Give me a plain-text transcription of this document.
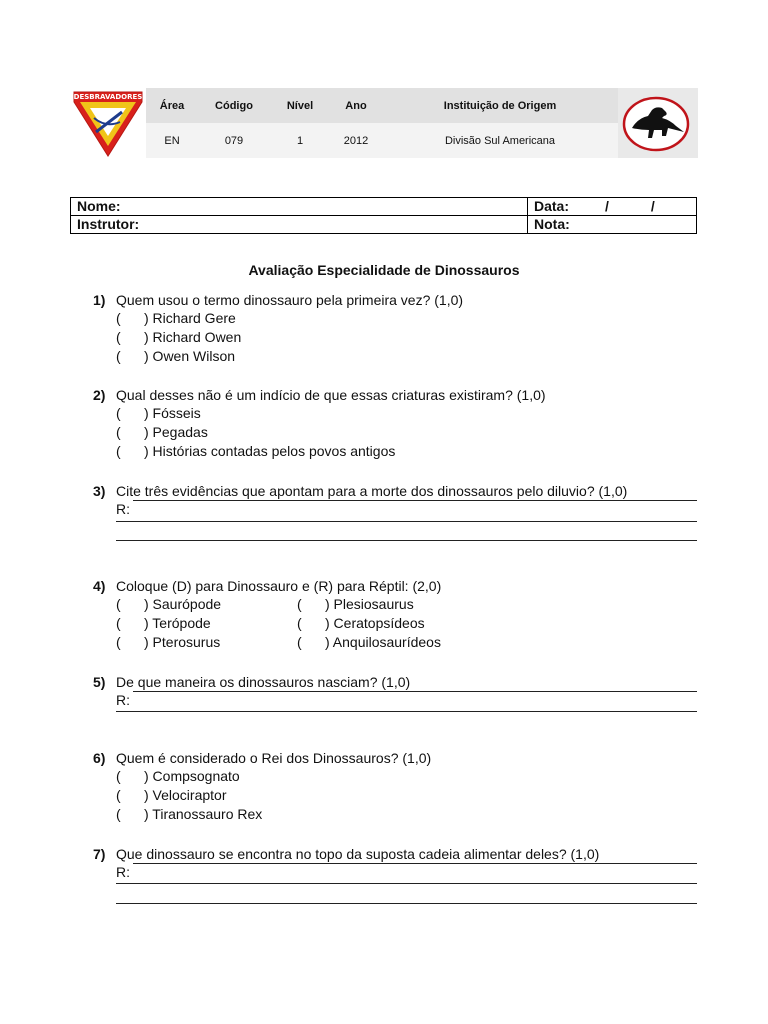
DESBRAVADORES
Área	Código	Nível	Ano	Instituição de Origem
EN	079	1	2012	Divisão Sul Americana
Nome:	Data: / /
Instrutor:	Nota:
Avaliação Especialidade de Dinossauros
1) Quem usou o termo dinossauro pela primeira vez? (1,0)
( ) Richard Gere
( ) Richard Owen
( ) Owen Wilson
2) Qual desses não é um indício de que essas criaturas existiram? (1,0)
( ) Fósseis
( ) Pegadas
( ) Histórias contadas pelos povos antigos
3) Cite três evidências que apontam para a morte dos dinossauros pelo diluvio? (1,0)
R:
4) Coloque (D) para Dinossauro e (R) para Réptil: (2,0)
( ) Saurópode
( ) Terópode
( ) Pterosurus
( ) Plesiosaurus
( ) Ceratopsídeos
( ) Anquilosaurídeos
5) De que maneira os dinossauros nasciam? (1,0)
R:
6) Quem é considerado o Rei dos Dinossauros? (1,0)
( ) Compsognato
( ) Velociraptor
( ) Tiranossauro Rex
7) Que dinossauro se encontra no topo da suposta cadeia alimentar deles? (1,0)
R:
